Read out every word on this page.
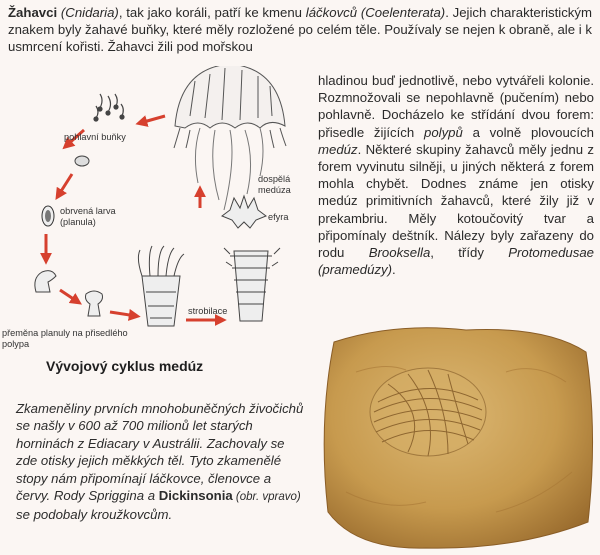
Žahavci (Cnidaria), tak jako koráli, patří ke kmenu láčkovců (Coelenterata). Jejich charakteristickým znakem byly žahavé buňky, které měly rozložené po celém těle. Používaly se nejen k obraně, ale i k usmrcení kořisti. Žahavci žili pod mořskou

hladinou buď jednotlivě, nebo vytvářeli kolonie. Rozmnožovali se nepohlavně (pučením) nebo pohlavně. Docházelo ke střídání dvou forem: přisedle žijících polypů a volně plovoucích medúz. Některé skupiny žahavců měly jednu z forem vyvinutu silněji, u jiných některá z forem mohla chybět. Dodnes známe jen otisky medúz primitivních žahavců, které žily již v prekambriu. Měly kotoučovitý tvar a připomínaly deštník. Nálezy byly zařazeny do rodu Brooksella, třídy Protomedusae (pramedúzy).

pohlavní buňky
obrvená larva (planula)
přeměna planuly na přisedlého polypa
strobilace
efyra
dospělá medúza
Vývojový cyklus medúz

Zkameněliny prvních mnohobuněčných živočichů se našly v 600 až 700 milionů let starých horninách z Ediacary v Austrálii. Zachovaly se zde otisky jejich měkkých těl. Tyto zkamenělé stopy nám připomínají láčkovce, členovce a červy. Rody Spriggina a Dickinsonia (obr. vpravo) se podobaly kroužkovcům.
